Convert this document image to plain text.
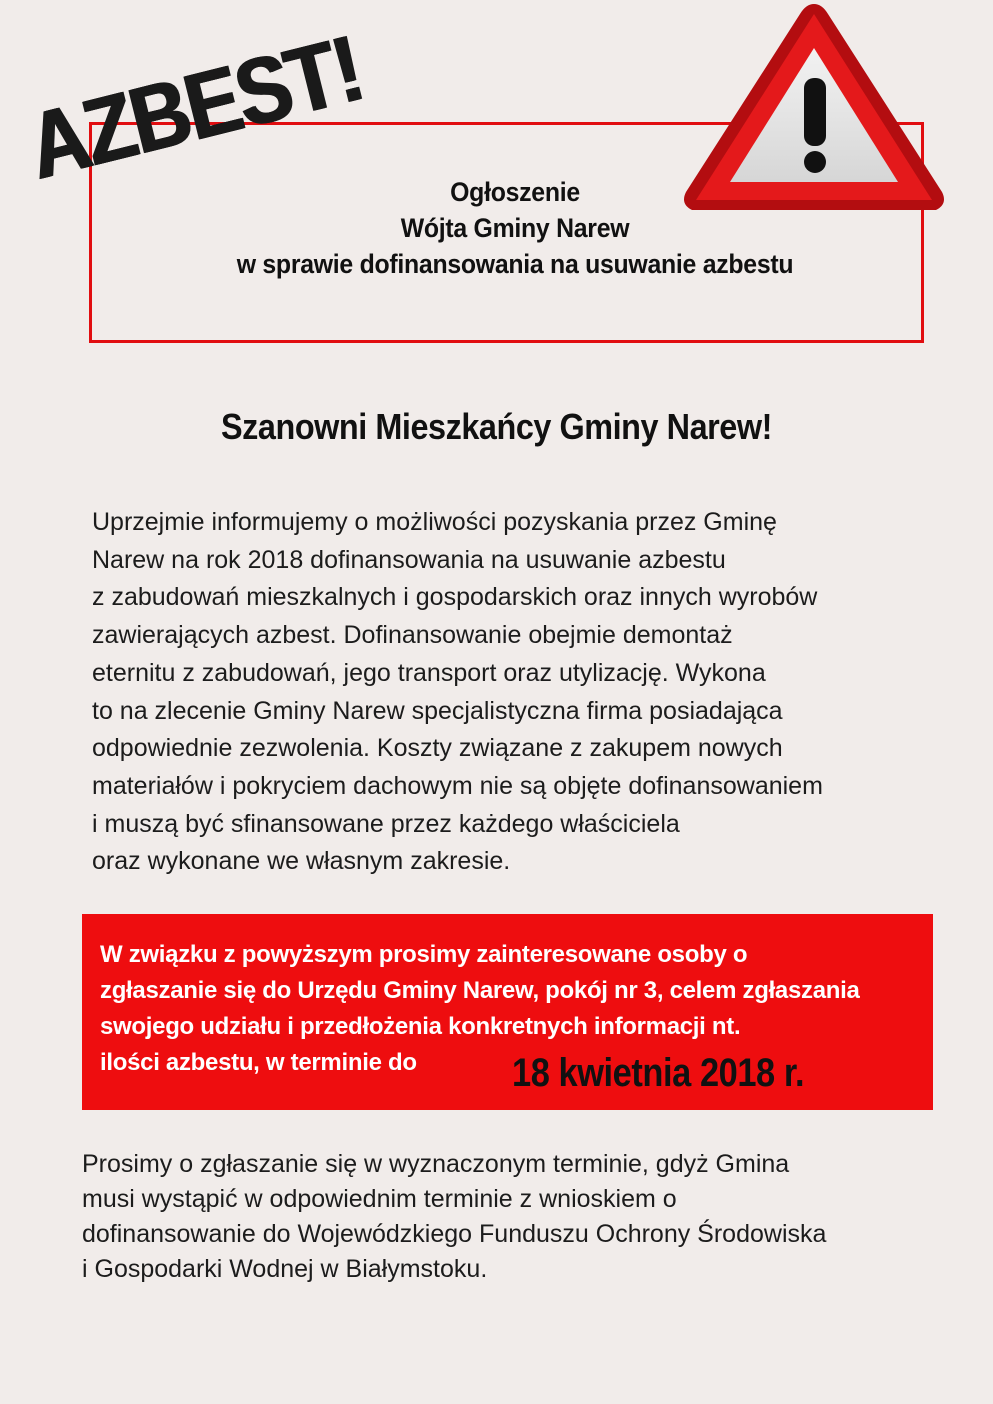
AZBEST!	Ogłoszenie
Wójta Gminy Narew
w sprawie dofinansowania na usuwanie azbestu
Szanowni Mieszkańcy Gminy Narew!
Uprzejmie informujemy o możliwości pozyskania przez Gminę
Narew na rok 2018 dofinansowania na usuwanie azbestu
z zabudowań mieszkalnych i gospodarskich oraz innych wyrobów
zawierających azbest. Dofinansowanie obejmie demontaż
eternitu z zabudowań, jego transport oraz utylizację. Wykona
to na zlecenie Gminy Narew specjalistyczna firma posiadająca
odpowiednie zezwolenia. Koszty związane z zakupem nowych
materiałów i pokryciem dachowym nie są objęte dofinansowaniem
i muszą być sfinansowane przez każdego właściciela
oraz wykonane we własnym zakresie.
W związku z powyższym prosimy zainteresowane osoby o
zgłaszanie się do Urzędu Gminy Narew, pokój nr 3, celem zgłaszania
swojego udziału i przedłożenia konkretnych informacji nt.
ilości azbestu, w terminie do	18 kwietnia 2018 r.
Prosimy o zgłaszanie się w wyznaczonym terminie, gdyż Gmina
musi wystąpić w odpowiednim terminie z wnioskiem o
dofinansowanie do Wojewódzkiego Funduszu Ochrony Środowiska
i Gospodarki Wodnej w Białymstoku.
